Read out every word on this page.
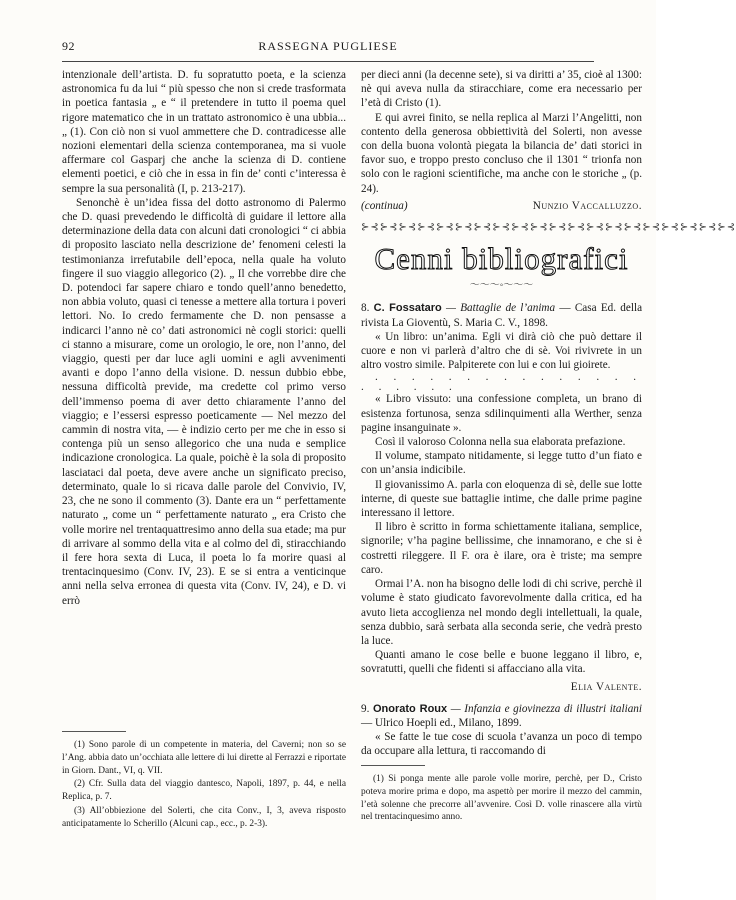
92	RASSEGNA PUGLIESE

intenzionale dell’artista. D. fu sopratutto poeta, e la scienza astronomica fu da lui “ più spesso che non si crede trasformata in poetica fantasia „ e “ il pretendere in tutto il poema quel rigore matematico che in un trattato astronomico è una ubbia... „ (1). Con ciò non si vuol ammettere che D. contradicesse alle nozioni elementari della scienza contemporanea, ma si vuole affermare col Gasparj che anche la scienza di D. contiene elementi poetici, e ciò che in essa in fin de’ conti c’interessa è sempre la sua personalità (I, p. 213-217).

Senonchè è un’idea fissa del dotto astronomo di Palermo che D. quasi prevedendo le difficoltà di guidare il lettore alla determinazione della data con alcuni dati cronologici “ ci abbia di proposito lasciato nella descrizione de’ fenomeni celesti la testimonianza irrefutabile dell’epoca, nella quale ha voluto fingere il suo viaggio allegorico (2). „ Il che vorrebbe dire che D. potendoci far sapere chiaro e tondo quell’anno benedetto, non abbia voluto, quasi ci tenesse a mettere alla tortura i poveri lettori. No. Io credo fermamente che D. non pensasse a indicarci l’anno nè co’ dati astronomici nè cogli storici: quelli ci stanno a misurare, come un orologio, le ore, non l’anno, del viaggio, questi per dar luce agli uomini e agli avvenimenti avanti e dopo l’anno della visione. D. nessun dubbio ebbe, nessuna difficoltà previde, ma credette col primo verso dell’immenso poema di aver detto chiaramente l’anno del viaggio; e l’essersi espresso poeticamente — Nel mezzo del cammin di nostra vita, — è indizio certo per me che in esso si contenga più un senso allegorico che una nuda e semplice indicazione cronologica. La quale, poichè è la sola di proposito lasciataci dal poeta, deve avere anche un significato preciso, determinato, quale lo si ricava dalle parole del Convivio, IV, 23, che ne sono il commento (3). Dante era un “ perfettamente naturato „ come un “ perfettamente naturato „ era Cristo che volle morire nel trentaquattresimo anno della sua etade; ma pur di arrivare al sommo della vita e al colmo del dì, stiracchiando il fere hora sexta di Luca, il poeta lo fa morire quasi al trentacinquesimo (Conv. IV, 23). E se si entra a venticinque anni nella selva erronea di questa vita (Conv. IV, 24), e D. vi errò

(1) Sono parole di un competente in materia, del Caverni; non so se l’Ang. abbia dato un’occhiata alle lettere di lui dirette al Ferrazzi e riportate in Giorn. Dant., VI, q. VII.

(2) Cfr. Sulla data del viaggio dantesco, Napoli, 1897, p. 44, e nella Replica, p. 7.

(3) All’obbiezione del Solerti, che cita Conv., I, 3, aveva risposto anticipatamente lo Scherillo (Alcuni cap., ecc., p. 2-3).

per dieci anni (la decenne sete), si va diritti a’ 35, cioè al 1300: nè qui aveva nulla da stiracchiare, come era necessario per l’età di Cristo (1).

E qui avrei finito, se nella replica al Marzi l’Angelitti, non contento della generosa obbiettività del Solerti, non avesse con della buona volontà piegata la bilancia de’ dati storici in favor suo, e troppo presto concluso che il 1301 “ trionfa non solo con le ragioni scientifiche, ma anche con le storiche „ (p. 24).

(continua)	Nunzio Vaccalluzzo.
⊱⊰⊱⊰⊱⊰⊱⊰⊱⊰⊱⊰⊱⊰⊱⊰⊱⊰⊱⊰⊱⊰⊱⊰⊱⊰⊱⊰⊱⊰⊱⊰⊱⊰⊱⊰⊱⊰⊱⊰
Cenni bibliografici
〜〜〜◦〜〜〜

8. C. Fossataro — Battaglie de l’anima — Casa Ed. della rivista La Gioventù, S. Maria C. V., 1898.

« Un libro: un’anima. Egli vi dirà ciò che può dettare il cuore e non vi parlerà d’altro che di sè. Voi rivivrete in un altro vostro simile. Palpiterete con lui e con lui gioirete.

. . . . . . . . . . . . . . . . . . . . .

« Libro vissuto: una confessione completa, un brano di esistenza fortunosa, senza sdilinquimenti alla Werther, senza pagine insanguinate ».

Così il valoroso Colonna nella sua elaborata prefazione.

Il volume, stampato nitidamente, si legge tutto d’un fiato e con un’ansia indicibile.

Il giovanissimo A. parla con eloquenza di sè, delle sue lotte interne, di queste sue battaglie intime, che dalle prime pagine interessano il lettore.

Il libro è scritto in forma schiettamente italiana, semplice, signorile; v’ha pagine bellissime, che innamorano, e che si è costretti rileggere. Il F. ora è ilare, ora è triste; ma sempre caro.

Ormai l’A. non ha bisogno delle lodi di chi scrive, perchè il volume è stato giudicato favorevolmente dalla critica, ed ha avuto lieta accoglienza nel mondo degli intellettuali, la quale, senza dubbio, sarà serbata alla seconda serie, che vedrà presto la luce.

Quanti amano le cose belle e buone leggano il libro, e, sovratutti, quelli che fidenti si affacciano alla vita.

Elia Valente.

9. Onorato Roux — Infanzia e giovinezza di illustri italiani — Ulrico Hoepli ed., Milano, 1899.

« Se fatte le tue cose di scuola t’avanza un poco di tempo da occupare alla lettura, ti raccomando di

(1) Si ponga mente alle parole volle morire, perchè, per D., Cristo poteva morire prima e dopo, ma aspettò per morire il mezzo del cammin, l’età solenne che precorre all’avvenire. Così D. volle rinascere alla virtù nel trentacinquesimo anno.
